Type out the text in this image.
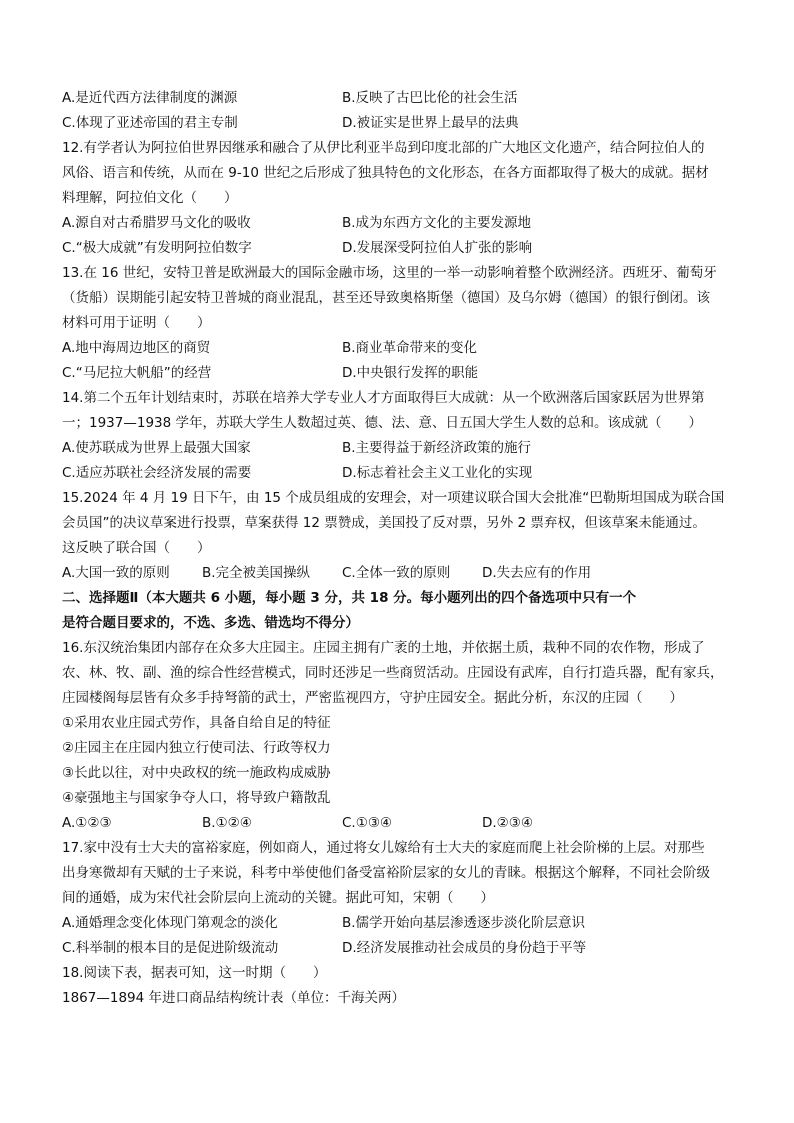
A.是近代西方法律制度的渊源	B.反映了古巴比伦的社会生活
C.体现了亚述帝国的君主专制	D.被证实是世界上最早的法典
12.有学者认为阿拉伯世界因继承和融合了从伊比利亚半岛到印度北部的广大地区文化遗产，结合阿拉伯人的
风俗、语言和传统，从而在 9-10 世纪之后形成了独具特色的文化形态，在各方面都取得了极大的成就。据材
料理解，阿拉伯文化（　　）
A.源自对古希腊罗马文化的吸收	B.成为东西方文化的主要发源地
C.“极大成就”有发明阿拉伯数字	D.发展深受阿拉伯人扩张的影响
13.在 16 世纪，安特卫普是欧洲最大的国际金融市场，这里的一举一动影响着整个欧洲经济。西班牙、葡萄牙
（货船）误期能引起安特卫普城的商业混乱，甚至还导致奥格斯堡（德国）及乌尔姆（德国）的银行倒闭。该
材料可用于证明（　　）
A.地中海周边地区的商贸	B.商业革命带来的变化
C.“马尼拉大帆船”的经营	D.中央银行发挥的职能
14.第二个五年计划结束时，苏联在培养大学专业人才方面取得巨大成就：从一个欧洲落后国家跃居为世界第
一；1937—1938 学年，苏联大学生人数超过英、德、法、意、日五国大学生人数的总和。该成就（　　）
A.使苏联成为世界上最强大国家	B.主要得益于新经济政策的施行
C.适应苏联社会经济发展的需要	D.标志着社会主义工业化的实现
15.2024 年 4 月 19 日下午，由 15 个成员组成的安理会，对一项建议联合国大会批准“巴勒斯坦国成为联合国
会员国”的决议草案进行投票，草案获得 12 票赞成，美国投了反对票，另外 2 票弃权，但该草案未能通过。
这反映了联合国（　　）
A.大国一致的原则	B.完全被美国操纵	C.全体一致的原则	D.失去应有的作用
二、选择题Ⅱ（本大题共 6 小题，每小题 3 分，共 18 分。每小题列出的四个备选项中只有一个
是符合题目要求的，不选、多选、错选均不得分）
16.东汉统治集团内部存在众多大庄园主。庄园主拥有广袤的土地，并依据土质，栽种不同的农作物，形成了
农、林、牧、副、渔的综合性经营模式，同时还涉足一些商贸活动。庄园设有武库，自行打造兵器，配有家兵，
庄园楼阁每层皆有众多手持弩箭的武士，严密监视四方，守护庄园安全。据此分析，东汉的庄园（　　）
①采用农业庄园式劳作，具备自给自足的特征
②庄园主在庄园内独立行使司法、行政等权力
③长此以往，对中央政权的统一施政构成威胁
④豪强地主与国家争夺人口，将导致户籍散乱
A.①②③	B.①②④	C.①③④	D.②③④
17.家中没有士大夫的富裕家庭，例如商人，通过将女儿嫁给有士大夫的家庭而爬上社会阶梯的上层。对那些
出身寒微却有天赋的士子来说，科考中举使他们备受富裕阶层家的女儿的青睐。根据这个解释，不同社会阶级
间的通婚，成为宋代社会阶层向上流动的关键。据此可知，宋朝（　　）
A.通婚理念变化体现门第观念的淡化	B.儒学开始向基层渗透逐步淡化阶层意识
C.科举制的根本目的是促进阶级流动	D.经济发展推动社会成员的身份趋于平等
18.阅读下表，据表可知，这一时期（　　）
1867—1894 年进口商品结构统计表（单位：千海关两）
